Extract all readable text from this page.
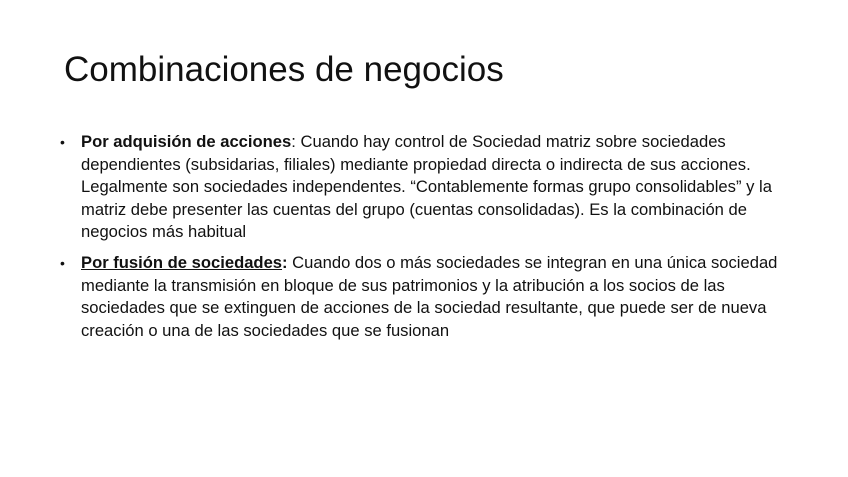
Combinaciones de negocios
• Por adquisión de acciones: Cuando hay control de Sociedad matriz sobre sociedades dependientes (subsidarias, filiales) mediante propiedad directa o indirecta de sus acciones. Legalmente son sociedades independentes. “Contablemente formas grupo consolidables” y la matriz debe presenter las cuentas del grupo (cuentas consolidadas). Es la combinación de negocios más habitual
• Por fusión de sociedades: Cuando dos o más sociedades se integran en una única sociedad mediante la transmisión en bloque de sus patrimonios y la atribución a los socios de las sociedades que se extinguen de acciones de la sociedad resultante, que puede ser de nueva creación o una de las sociedades que se fusionan
